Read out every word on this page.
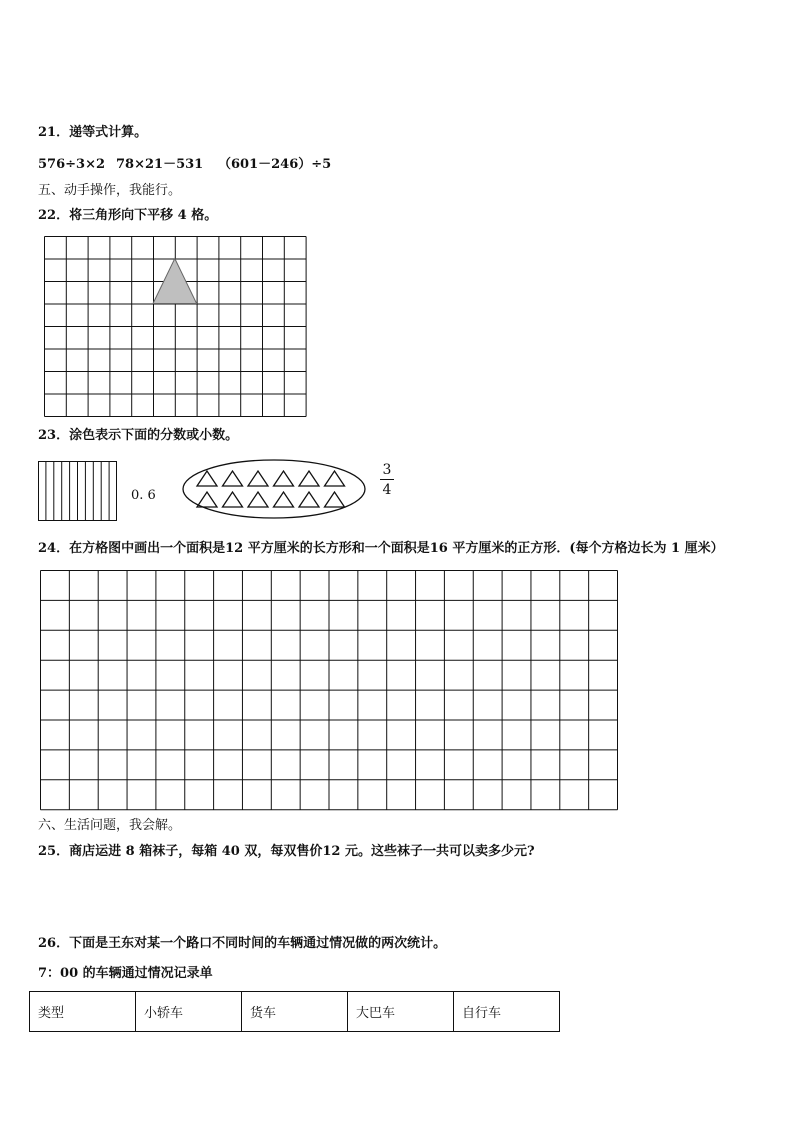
21．递等式计算。
576÷3×2 78×21－531 （601－246）÷5
五、动手操作，我能行。
22．将三角形向下平移 4 格。
23．涂色表示下面的分数或小数。
0. 6
3
4
24．在方格图中画出一个面积是12 平方厘米的长方形和一个面积是16 平方厘米的正方形．(每个方格边长为 1 厘米）
六、生活问题，我会解。
25．商店运进 8 箱袜子，每箱 40 双，每双售价12 元。这些袜子一共可以卖多少元?
26．下面是王东对某一个路口不同时间的车辆通过情况做的两次统计。
7：00 的车辆通过情况记录单
类型	小轿车	货车	大巴车	自行车
